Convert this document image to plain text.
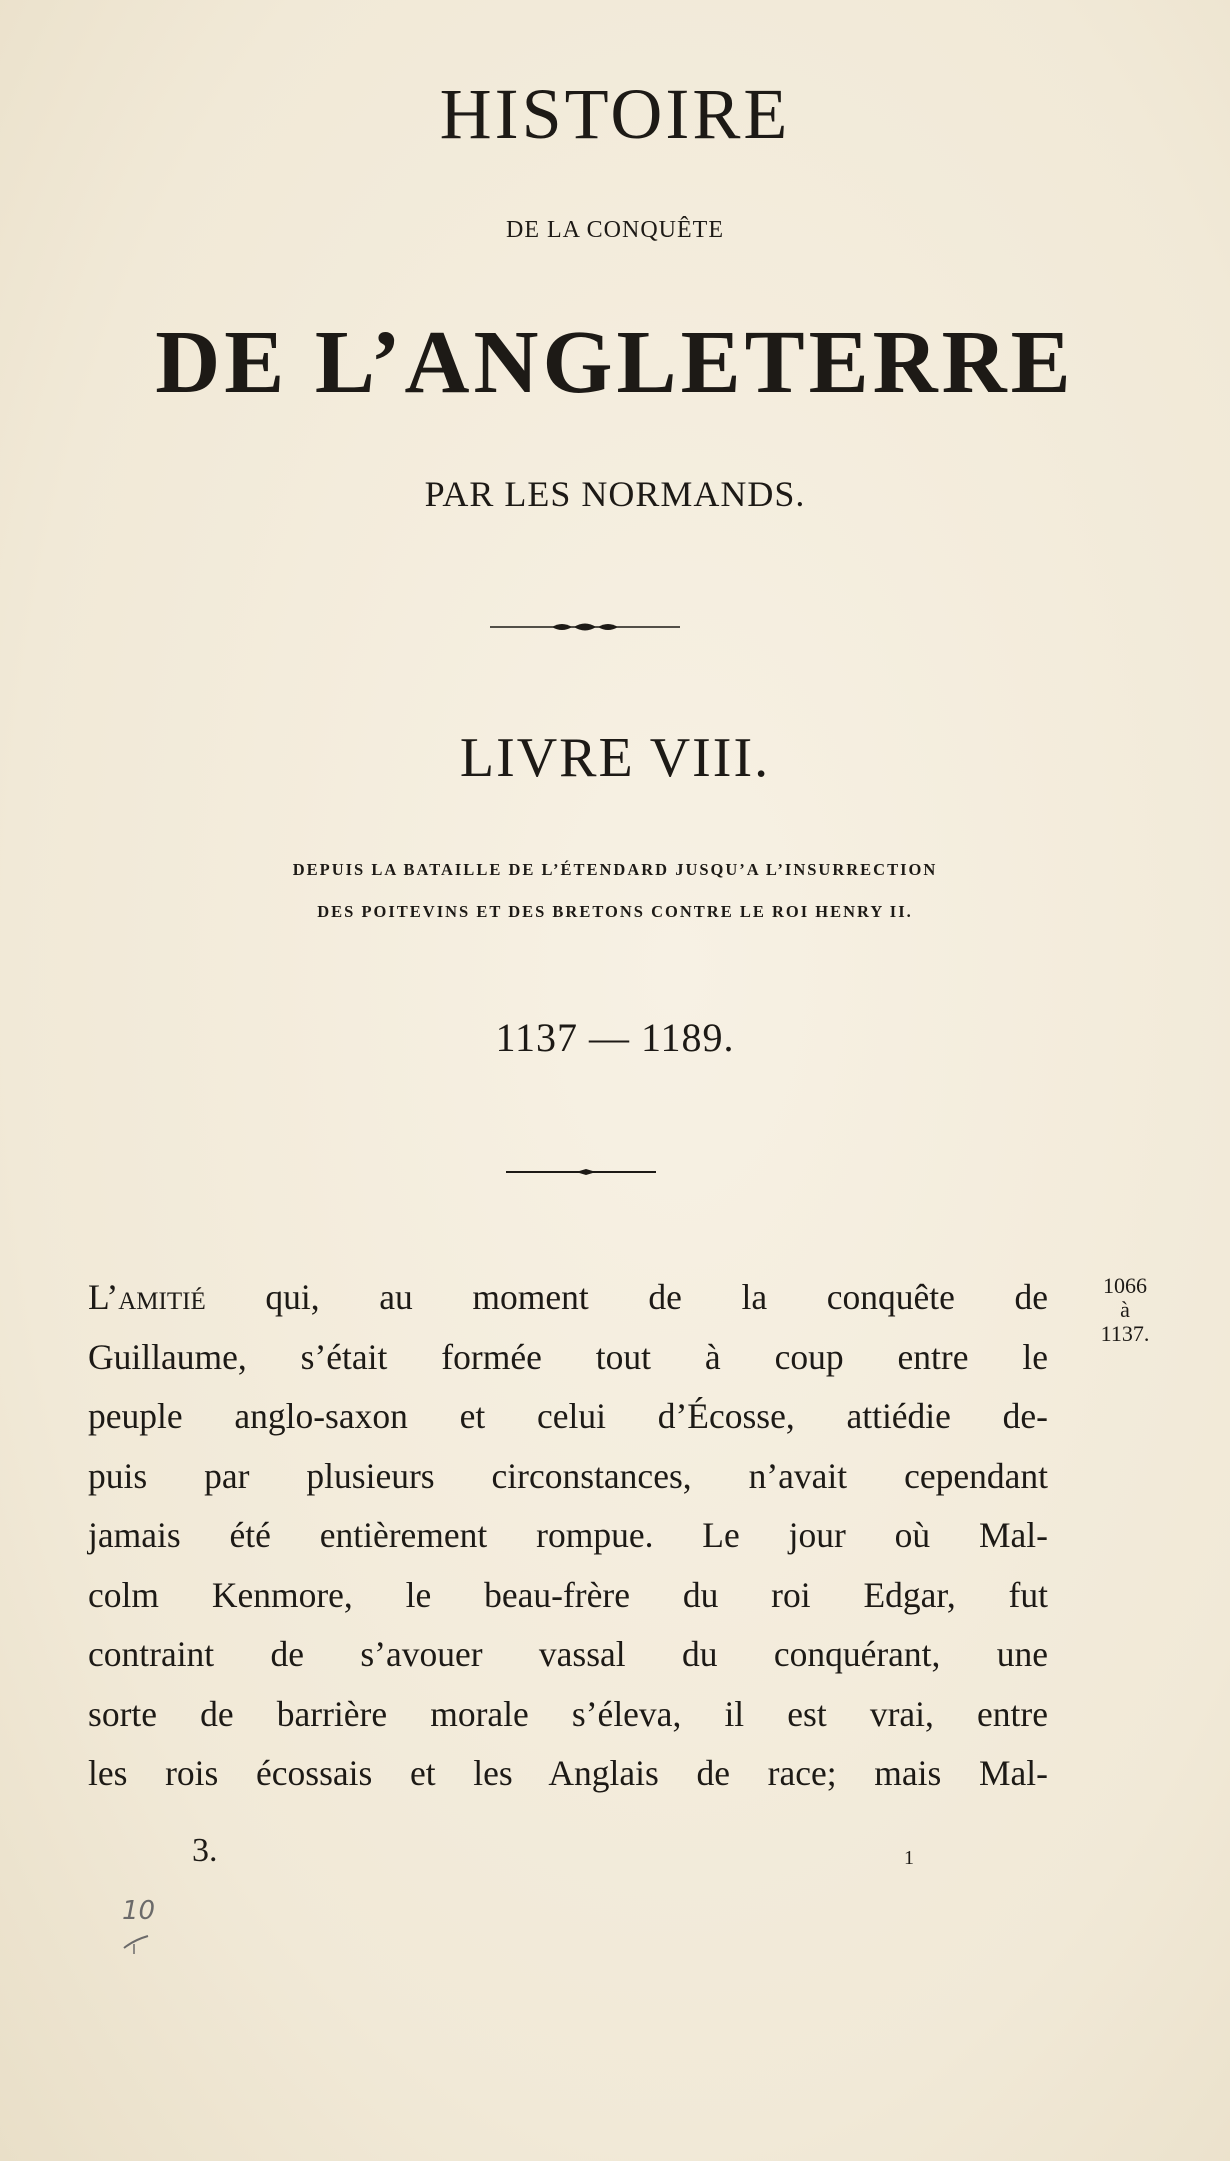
HISTOIRE
DE LA CONQUÊTE
DE L’ANGLETERRE
PAR LES NORMANDS.
LIVRE VIII.
DEPUIS LA BATAILLE DE L’ÉTENDARD JUSQU’A L’INSURRECTION
DES POITEVINS ET DES BRETONS CONTRE LE ROI HENRY II.
1137 — 1189.
L’amitié qui, au moment de la conquête de
Guillaume, s’était formée tout à coup entre le
peuple anglo-saxon et celui d’Écosse, attiédie de-
puis par plusieurs circonstances, n’avait cependant
jamais été entièrement rompue. Le jour où Mal-
colm Kenmore, le beau-frère du roi Edgar, fut
contraint de s’avouer vassal du conquérant, une
sorte de barrière morale s’éleva, il est vrai, entre
les rois écossais et les Anglais de race; mais Mal-
1066
à
1137.
3.	1
10
